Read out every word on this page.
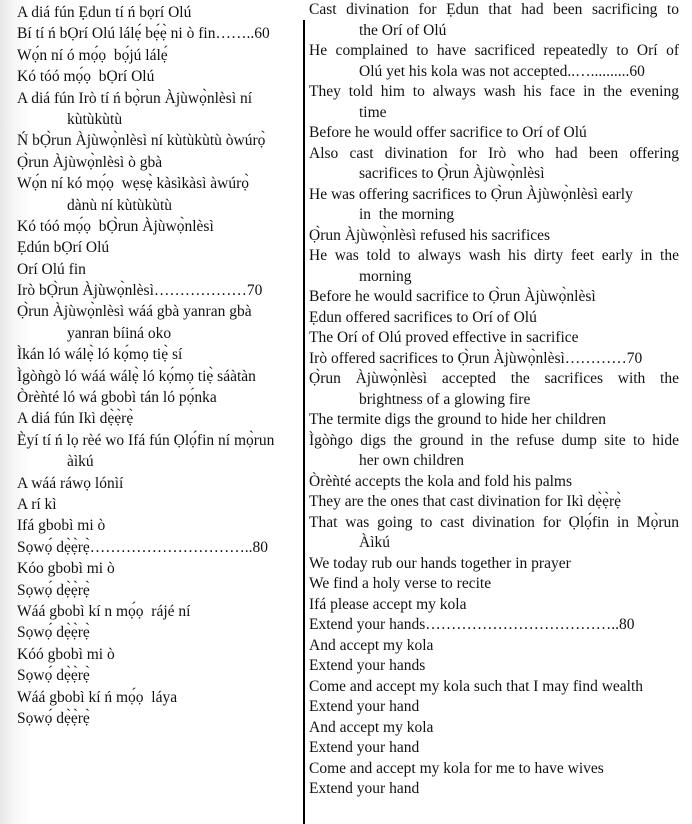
A diá fún Ẹdun tí ń bọrí Olú
Bí tí ń bỌrí Olú lálẹ́ bẹ́ẹ̀ ni ò fin……..60
Wọ́n ní ó mọ́ọ  bọ́jú lálẹ́
Kó tóó mọ́ọ  bỌrí Olú
A diá fún Irò tí ń bọ̀run Àjùwọ̀nlèsì ní
kùtùkùtù
Ń bỌ̀run Àjùwọ̀nlèsì ní kùtùkùtù òwúrọ̀
Ọ̀run Àjùwọ̀nlèsì ò gbà
Wọ́n ní kó mọ́ọ  wẹsẹ̀ kàsìkàsì àwúrọ̀
dànù ní kùtùkùtù
Kó tóó mọ́ọ  bỌ̀run Àjùwọ̀nlèsì
Ẹdún bỌrí Olú
Orí Olú fin
Irò bỌ̀run Àjùwọ̀nlèsì………………70
Ọ̀run Àjùwọ̀nlèsì wáá gbà yanran gbà
yanran bíiná oko
Ìkán ló wálẹ̀ ló kọ́mọ tiẹ̀ sí
Ìgòǹgò ló wáá wálẹ̀ ló kọ́mọ tiẹ̀ sáàtàn
Òrèǹté ló wá gbobì tán ló pọ́nka
A diá fún Ikì dẹ̀ẹ̀rẹ̀
Èyí tí ń lọ rèé wo Ifá fún Ọlọ́fin ní mọ̀run
àìkú
A wáá ráwọ lónìí
A rí kì
Ifá gbobì mi ò
Sọwọ́ dẹ̀ẹ̀rẹ̀…………………………..80
Kóo gbobì mi ò
Sọwọ́ dẹ̀ẹ̀rẹ̀
Wáá gbobì kí n mọ́ọ  rájé ní
Sọwọ́ dẹ̀ẹ̀rẹ̀
Kóó gbobì mi ò
Sọwọ́ dẹ̀ẹ̀rẹ̀
Wáá gbobì kí ń mọ́ọ  láya
Sọwọ́ dẹ̀ẹ̀rẹ̀
Cast divination for Ẹdun that had been sacrificing to
the Orí of Olú
He complained to have sacrificed repeatedly to Orí of
Olú yet his kola was not accepted..…..........60
They told him to always wash his face in the evening
time
Before he would offer sacrifice to Orí of Olú
Also cast divination for Irò who had been offering
sacrifices to Ọ̀run Àjùwọ̀nlèsì
He was offering sacrifices to Ọ̀run Àjùwọ̀nlèsì early
in  the morning
Ọ̀run Àjùwọ̀nlèsì refused his sacrifices
He was told to always wash his dirty feet early in the
morning
Before he would sacrifice to Ọ̀run Àjùwọ̀nlèsì
Ẹdun offered sacrifices to Orí of Olú
The Orí of Olú proved effective in sacrifice
Irò offered sacrifices to Ọ̀run Àjùwọ̀nlèsì…………70
Ọ̀run Àjùwọ̀nlèsì accepted the sacrifices with the
brightness of a glowing fire
The termite digs the ground to hide her children
Ìgòǹgo digs the ground in the refuse dump site to hide
her own children
Òrèǹté accepts the kola and fold his palms
They are the ones that cast divination for Ikì dẹ̀ẹ̀rẹ̀
That was going to cast divination for Ọlọ́fin in Mọ̀run
Àìkú
We today rub our hands together in prayer
We find a holy verse to recite
Ifá please accept my kola
Extend your hands………………………………..80
And accept my kola
Extend your hands
Come and accept my kola such that I may find wealth
Extend your hand
And accept my kola
Extend your hand
Come and accept my kola for me to have wives
Extend your hand
